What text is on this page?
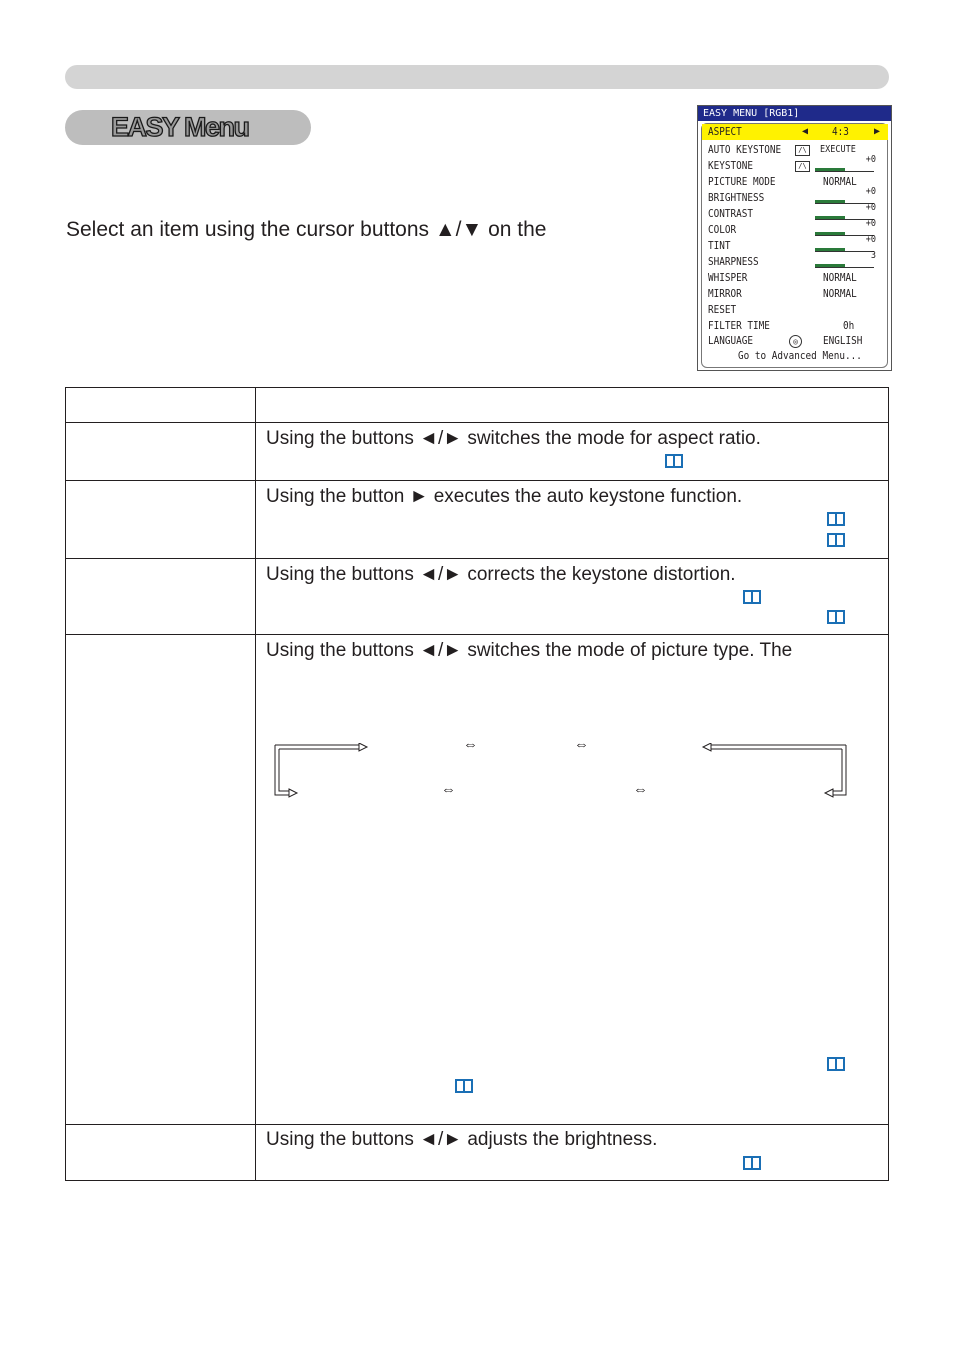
EASY Menu
Select an item using the cursor buttons ▲/▼ on the
EASY MENU [RGB1]
ASPECT	◀ 4:3	▶
AUTO KEYSTONE	/\	EXECUTE
KEYSTONE	/\
+0
PICTURE MODE	NORMAL
BRIGHTNESS	+0
CONTRAST	+0
COLOR	+0
TINT	+0
SHARPNESS	3
WHISPER	NORMAL
MIRROR	NORMAL
RESET
FILTER TIME	0h
LANGUAGE	◎	ENGLISH
Go to Advanced Menu...
Using the buttons ◄/► switches the mode for aspect ratio.
Using the button ► executes the auto keystone function.
Using the buttons ◄/► corrects the keystone distortion.
Using the buttons ◄/► switches the mode of picture type. The
Using the buttons ◄/► adjusts the brightness.
⇔	⇔
⇔	⇔
